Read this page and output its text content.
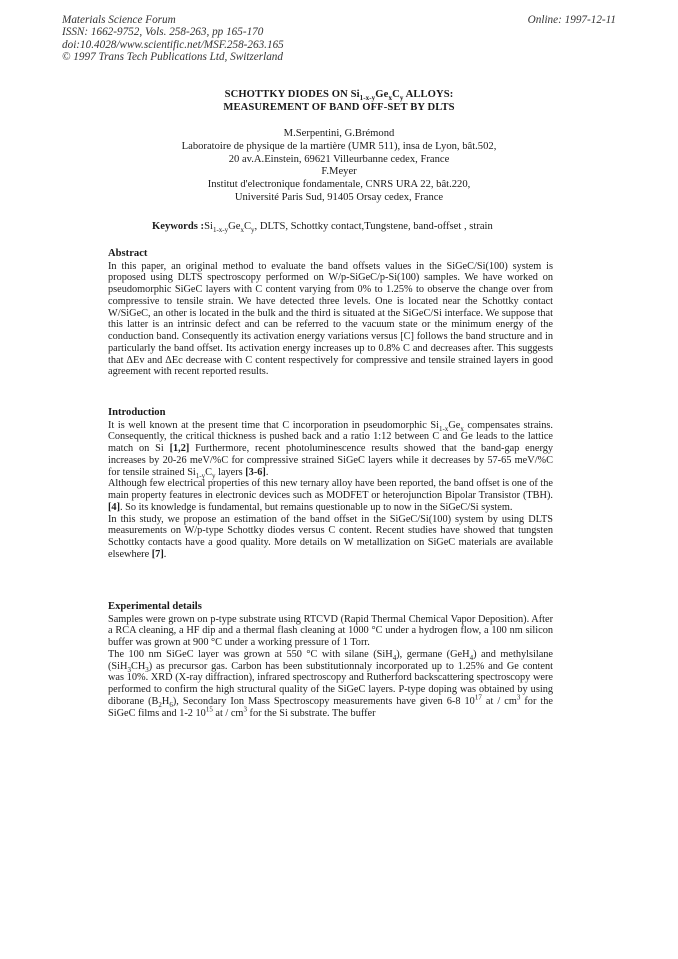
Materials Science Forum
ISSN: 1662-9752, Vols. 258-263, pp 165-170
doi:10.4028/www.scientific.net/MSF.258-263.165
© 1997 Trans Tech Publications Ltd, Switzerland
Online: 1997-12-11
SCHOTTKY DIODES ON $Si_{1-x-y}Ge_xC_y$ ALLOYS:
MEASUREMENT OF BAND OFF-SET BY DLTS
M.Serpentini, G.Brémond
Laboratoire de physique de la martière (UMR 511), insa de Lyon, bât.502,
20 av.A.Einstein, 69621 Villeurbanne cedex, France
F.Meyer
Institut d'electronique fondamentale, CNRS URA 22, bât.220,
Université Paris Sud, 91405 Orsay cedex, France
Keywords $:Si_{1-x-y}Ge_xC_y$, DLTS, Schottky contact,Tungstene, band-offset , strain
Abstract

In this paper, an original method to evaluate the band offsets values in the SiGeC/Si(100) system is proposed using DLTS spectroscopy performed on W/p-SiGeC/p-Si(100) samples. We have worked on pseudomorphic SiGeC layers with C content varying from 0% to 1.25% to observe the change over from compressive to tensile strain. We have detected three levels. One is located near the Schottky contact W/SiGeC, an other is located in the bulk and the third is situated at the SiGeC/Si interface. We suppose that this latter is an intrinsic defect and can be referred to the vacuum state or the minimum energy of the conduction band. Consequently its activation energy variations versus [C] follows the band structure and in particularly the band offset. Its activation energy increases up to 0.8% C and decreases after. This suggests that ΔEv and ΔEc decrease with C content respectively for compressive and tensile strained layers in good agreement with recent reported results.

Introduction

It is well known at the present time that C incorporation in pseudomorphic $Si_{1-x}Ge_x$ compensates strains. Consequently, the critical thickness is pushed back and a ratio 1:12 between C and Ge leads to the lattice match on Si [1,2] Furthermore, recent photoluminescence results showed that the band-gap energy increases by 20-26 meV/%C for compressive strained SiGeC layers while it decreases by 57-65 meV/%C for tensile strained $Si_{1-y}C_y$ layers [3-6].

Although few electrical properties of this new ternary alloy have been reported, the band offset is one of the main property features in electronic devices such as MODFET or heterojunction Bipolar Transistor (TBH).[4]. So its knowledge is fundamental, but remains questionable up to now in the SiGeC/Si system.

In this study, we propose an estimation of the band offset in the SiGeC/Si(100) system by using DLTS measurements on W/p-type Schottky diodes versus C content. Recent studies have showed that tungsten Schottky contacts have a good quality. More details on W metallization on SiGeC materials are available elsewhere [7].

Experimental details

Samples were grown on p-type substrate using RTCVD (Rapid Thermal Chemical Vapor Deposition). After a RCA cleaning, a HF dip and a thermal flash cleaning at 1000 °C under a hydrogen flow, a 100 nm silicon buffer was grown at 900 °C under a working pressure of 1 Torr.

The 100 nm SiGeC layer was grown at 550 °C with silane (SiH$_4$), germane (GeH$_4$) and methylsilane $(SiH_3CH_3)$ as precursor gas. Carbon has been substitutionnaly incorporated up to 1.25% and Ge content was 10%. XRD (X-ray diffraction), infrared spectroscopy and Rutherford backscattering spectroscopy were performed to confirm the high structural quality of the SiGeC layers. P-type doping was obtained by using diborane $(B_2H_6)$, Secondary Ion Mass Spectroscopy measurements have given 6-8 $10^{17}$ at / $cm^3$ for the SiGeC films and 1-2 $10^{15}$ at / $cm^3$ for the Si substrate. The buffer
